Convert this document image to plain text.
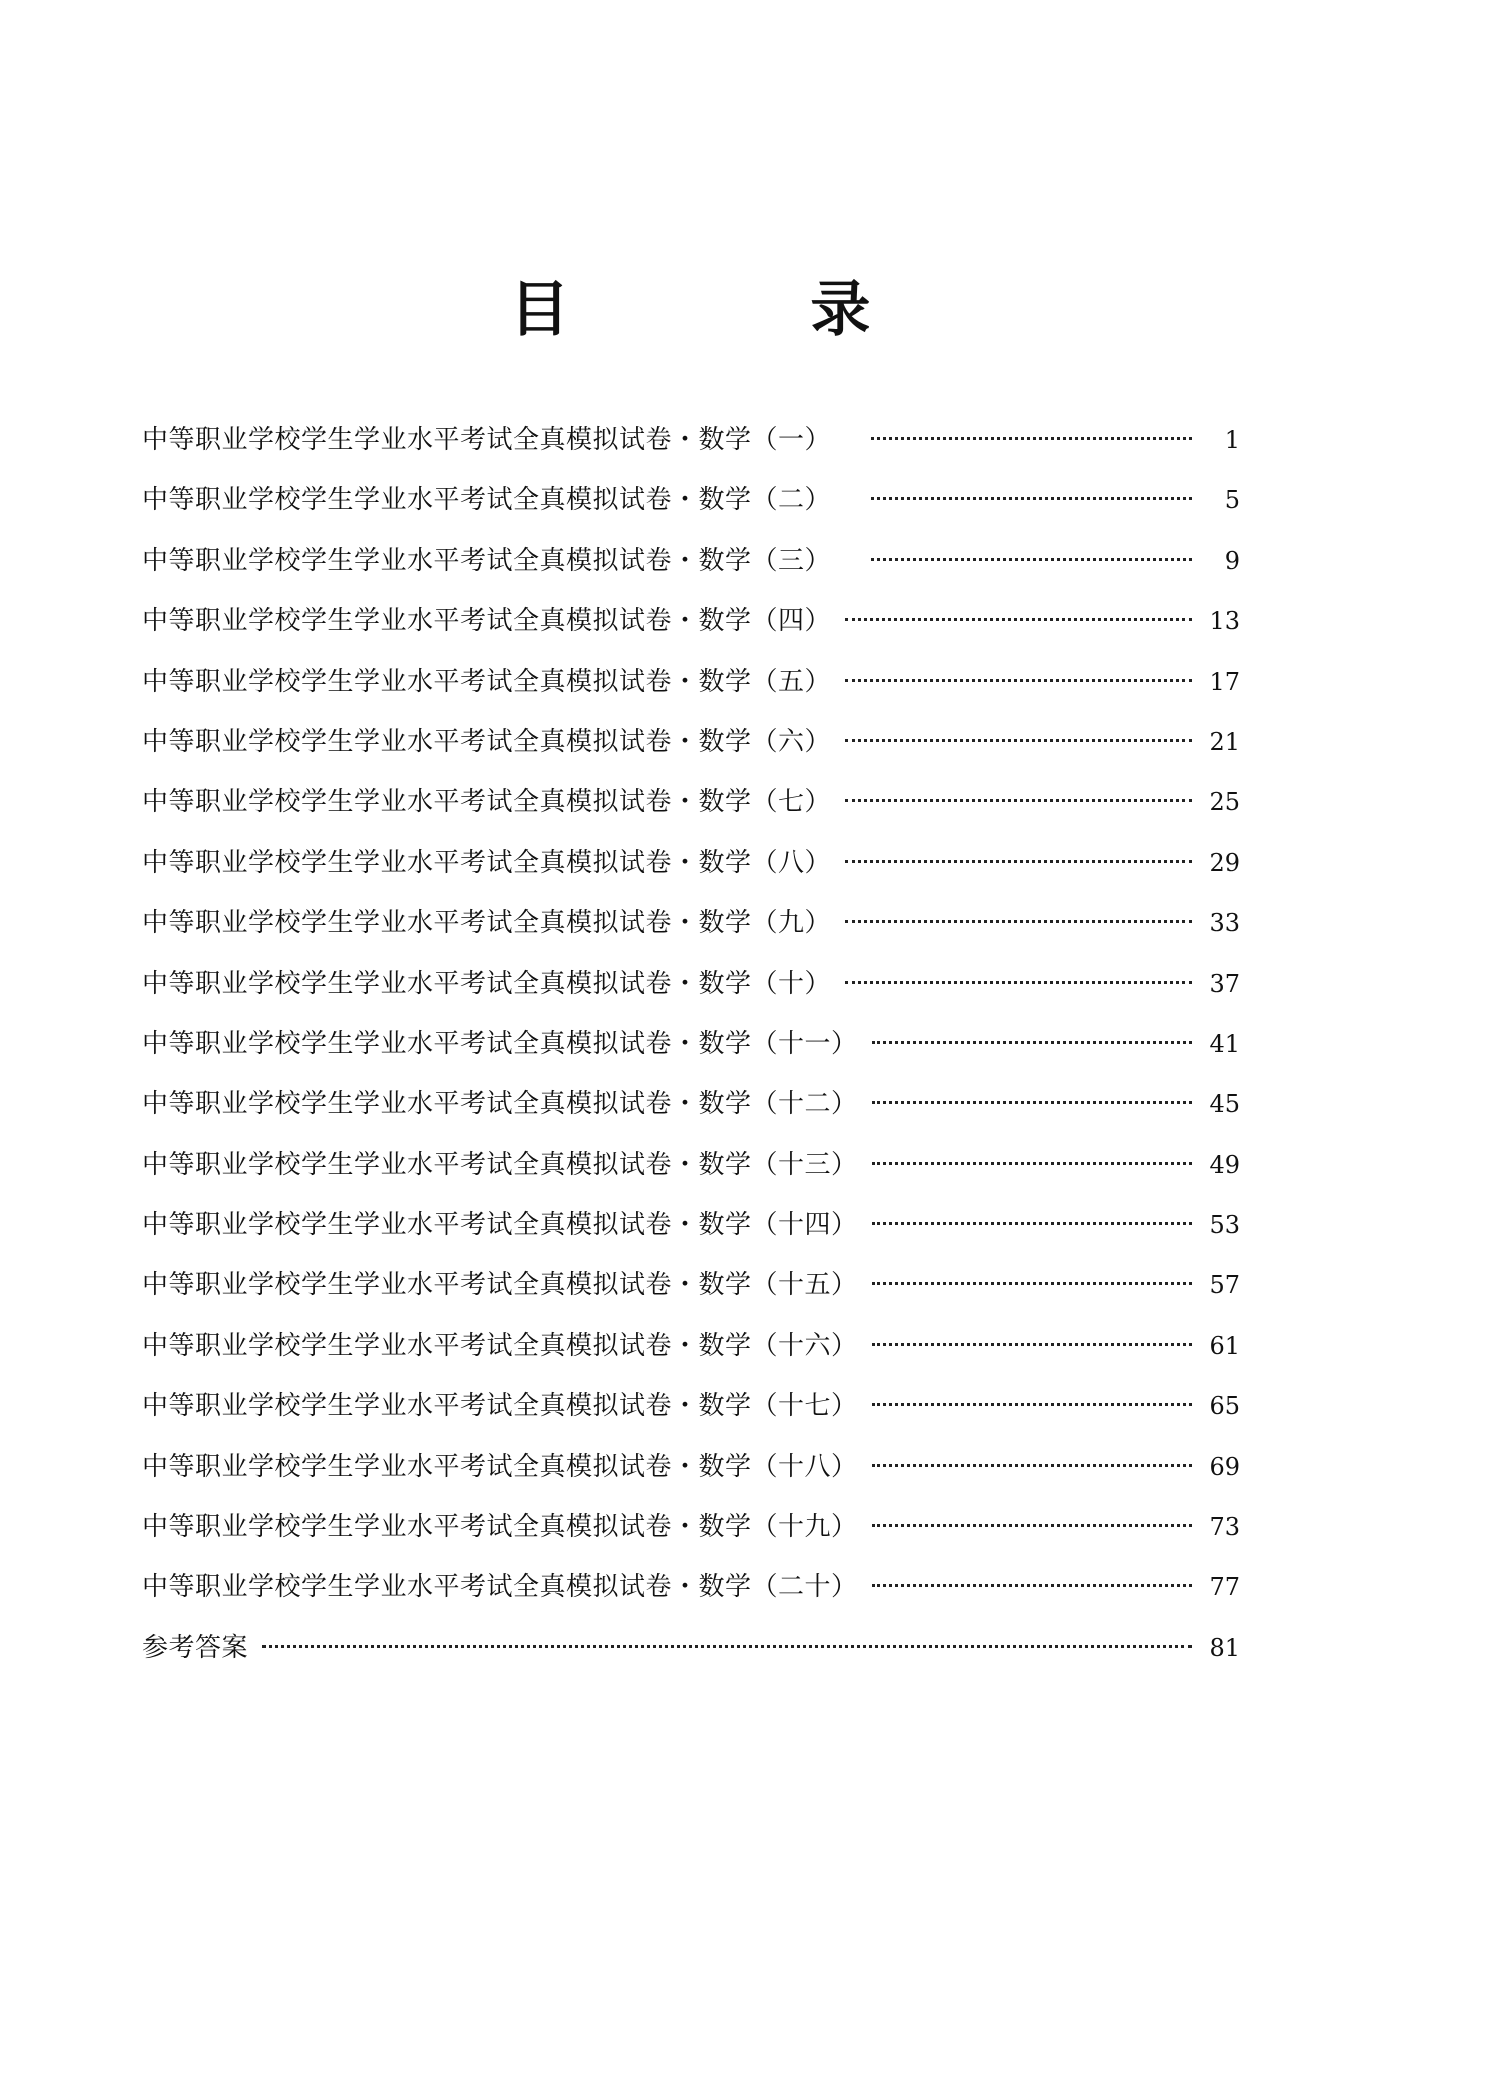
目 录
中等职业学校学生学业水平考试全真模拟试卷・数学（一）	1
中等职业学校学生学业水平考试全真模拟试卷・数学（二）	5
中等职业学校学生学业水平考试全真模拟试卷・数学（三）	9
中等职业学校学生学业水平考试全真模拟试卷・数学（四）	13
中等职业学校学生学业水平考试全真模拟试卷・数学（五）	17
中等职业学校学生学业水平考试全真模拟试卷・数学（六）	21
中等职业学校学生学业水平考试全真模拟试卷・数学（七）	25
中等职业学校学生学业水平考试全真模拟试卷・数学（八）	29
中等职业学校学生学业水平考试全真模拟试卷・数学（九）	33
中等职业学校学生学业水平考试全真模拟试卷・数学（十）	37
中等职业学校学生学业水平考试全真模拟试卷・数学（十一）	41
中等职业学校学生学业水平考试全真模拟试卷・数学（十二）	45
中等职业学校学生学业水平考试全真模拟试卷・数学（十三）	49
中等职业学校学生学业水平考试全真模拟试卷・数学（十四）	53
中等职业学校学生学业水平考试全真模拟试卷・数学（十五）	57
中等职业学校学生学业水平考试全真模拟试卷・数学（十六）	61
中等职业学校学生学业水平考试全真模拟试卷・数学（十七）	65
中等职业学校学生学业水平考试全真模拟试卷・数学（十八）	69
中等职业学校学生学业水平考试全真模拟试卷・数学（十九）	73
中等职业学校学生学业水平考试全真模拟试卷・数学（二十）	77
参考答案	81
